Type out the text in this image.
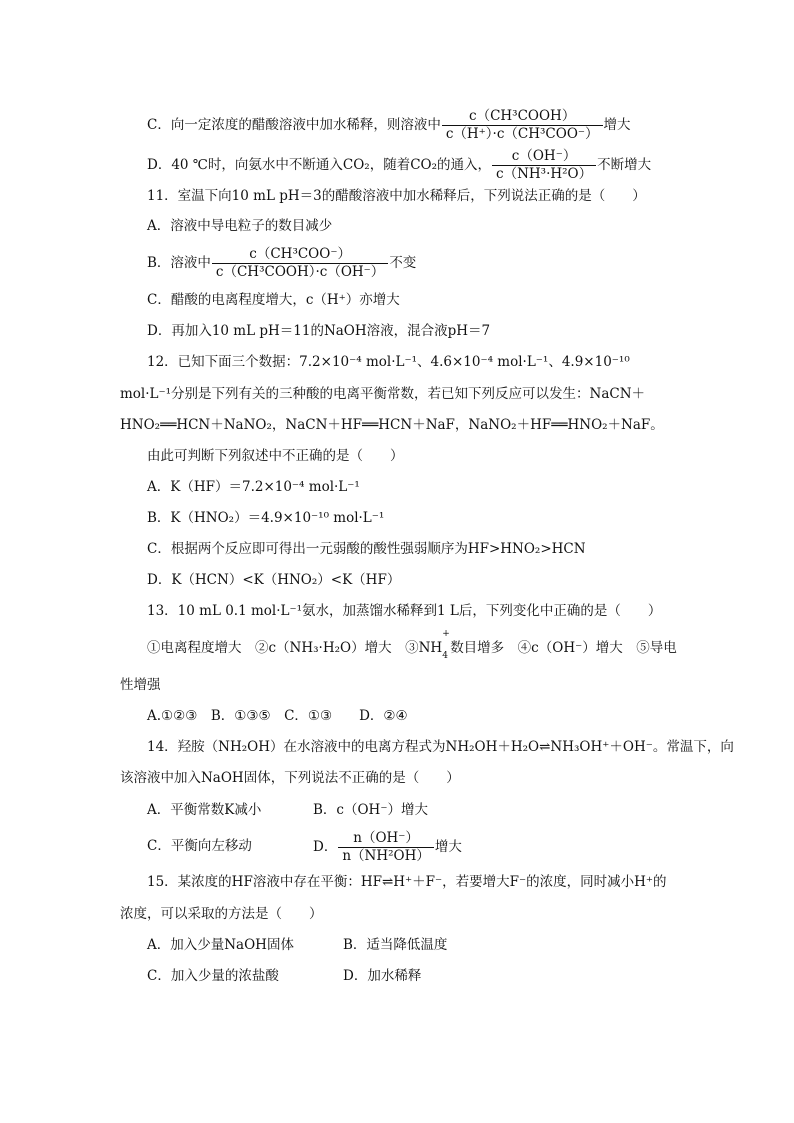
C．向一定浓度的醋酸溶液中加水稀释，则溶液中 $\frac{\text{c（CH³COOH）}}{\text{c（H⁺）·c（CH³COO⁻）}}$ 增大
D．40 ℃时，向氨水中不断通入CO₂，随着CO₂的通入， $\frac{c(OH^-)}{\text{c（NH³·H²O）}}$ 不断增大
11．室温下向10 mL pH＝3的醋酸溶液中加水稀释后，下列说法正确的是（　　）
A．溶液中导电粒子的数目减少
B．溶液中 $\frac{\text{c（CH³COO⁻）}}{\text{c（CH³COOH）·c（OH⁻）}}$ 不变
C．醋酸的电离程度增大，c（H⁺）亦增大
D．再加入10 mL pH＝11的NaOH溶液，混合液pH＝7
12．已知下面三个数据：7.2×10⁻⁴ mol·L⁻¹、4.6×10⁻⁴ mol·L⁻¹、4.9×10⁻¹⁰
mol·L⁻¹分别是下列有关的三种酸的电离平衡常数，若已知下列反应可以发生：NaCN＋
HNO₂══HCN＋NaNO₂，NaCN＋HF══HCN＋NaF，NaNO₂＋HF══HNO₂＋NaF。
由此可判断下列叙述中不正确的是（　　）
A．K（HF）＝7.2×10⁻⁴ mol·L⁻¹
B．K（HNO₂）＝4.9×10⁻¹⁰ mol·L⁻¹
C．根据两个反应即可得出一元弱酸的酸性强弱顺序为HF>HNO₂>HCN
D．K（HCN）<K（HNO₂）<K（HF）
13．10 mL 0.1 mol·L⁻¹氨水，加蒸馏水稀释到1 L后，下列变化中正确的是（　　）
①电离程度增大　②c（NH₃·H₂O）增大　③NH
+
4 数目增多　④c（OH⁻）增大　⑤导电
性增强
A.①②③　B．①③⑤　C．①③　　D．②④
14．羟胺（NH₂OH）在水溶液中的电离方程式为NH₂OH＋H₂O⇌NH₃OH⁺＋OH⁻。常温下，向
该溶液中加入NaOH固体，下列说法不正确的是（　　）
A．平衡常数K减小	B．c（OH⁻）增大
C．平衡向左移动	D． $\frac{n(OH^-)}{\text{n（NH²OH）}}$ 增大
15．某浓度的HF溶液中存在平衡：HF⇌H⁺＋F⁻，若要增大F⁻的浓度，同时减小H⁺的
浓度，可以采取的方法是（　　）
A．加入少量NaOH固体	B．适当降低温度
C．加入少量的浓盐酸	D．加水稀释
